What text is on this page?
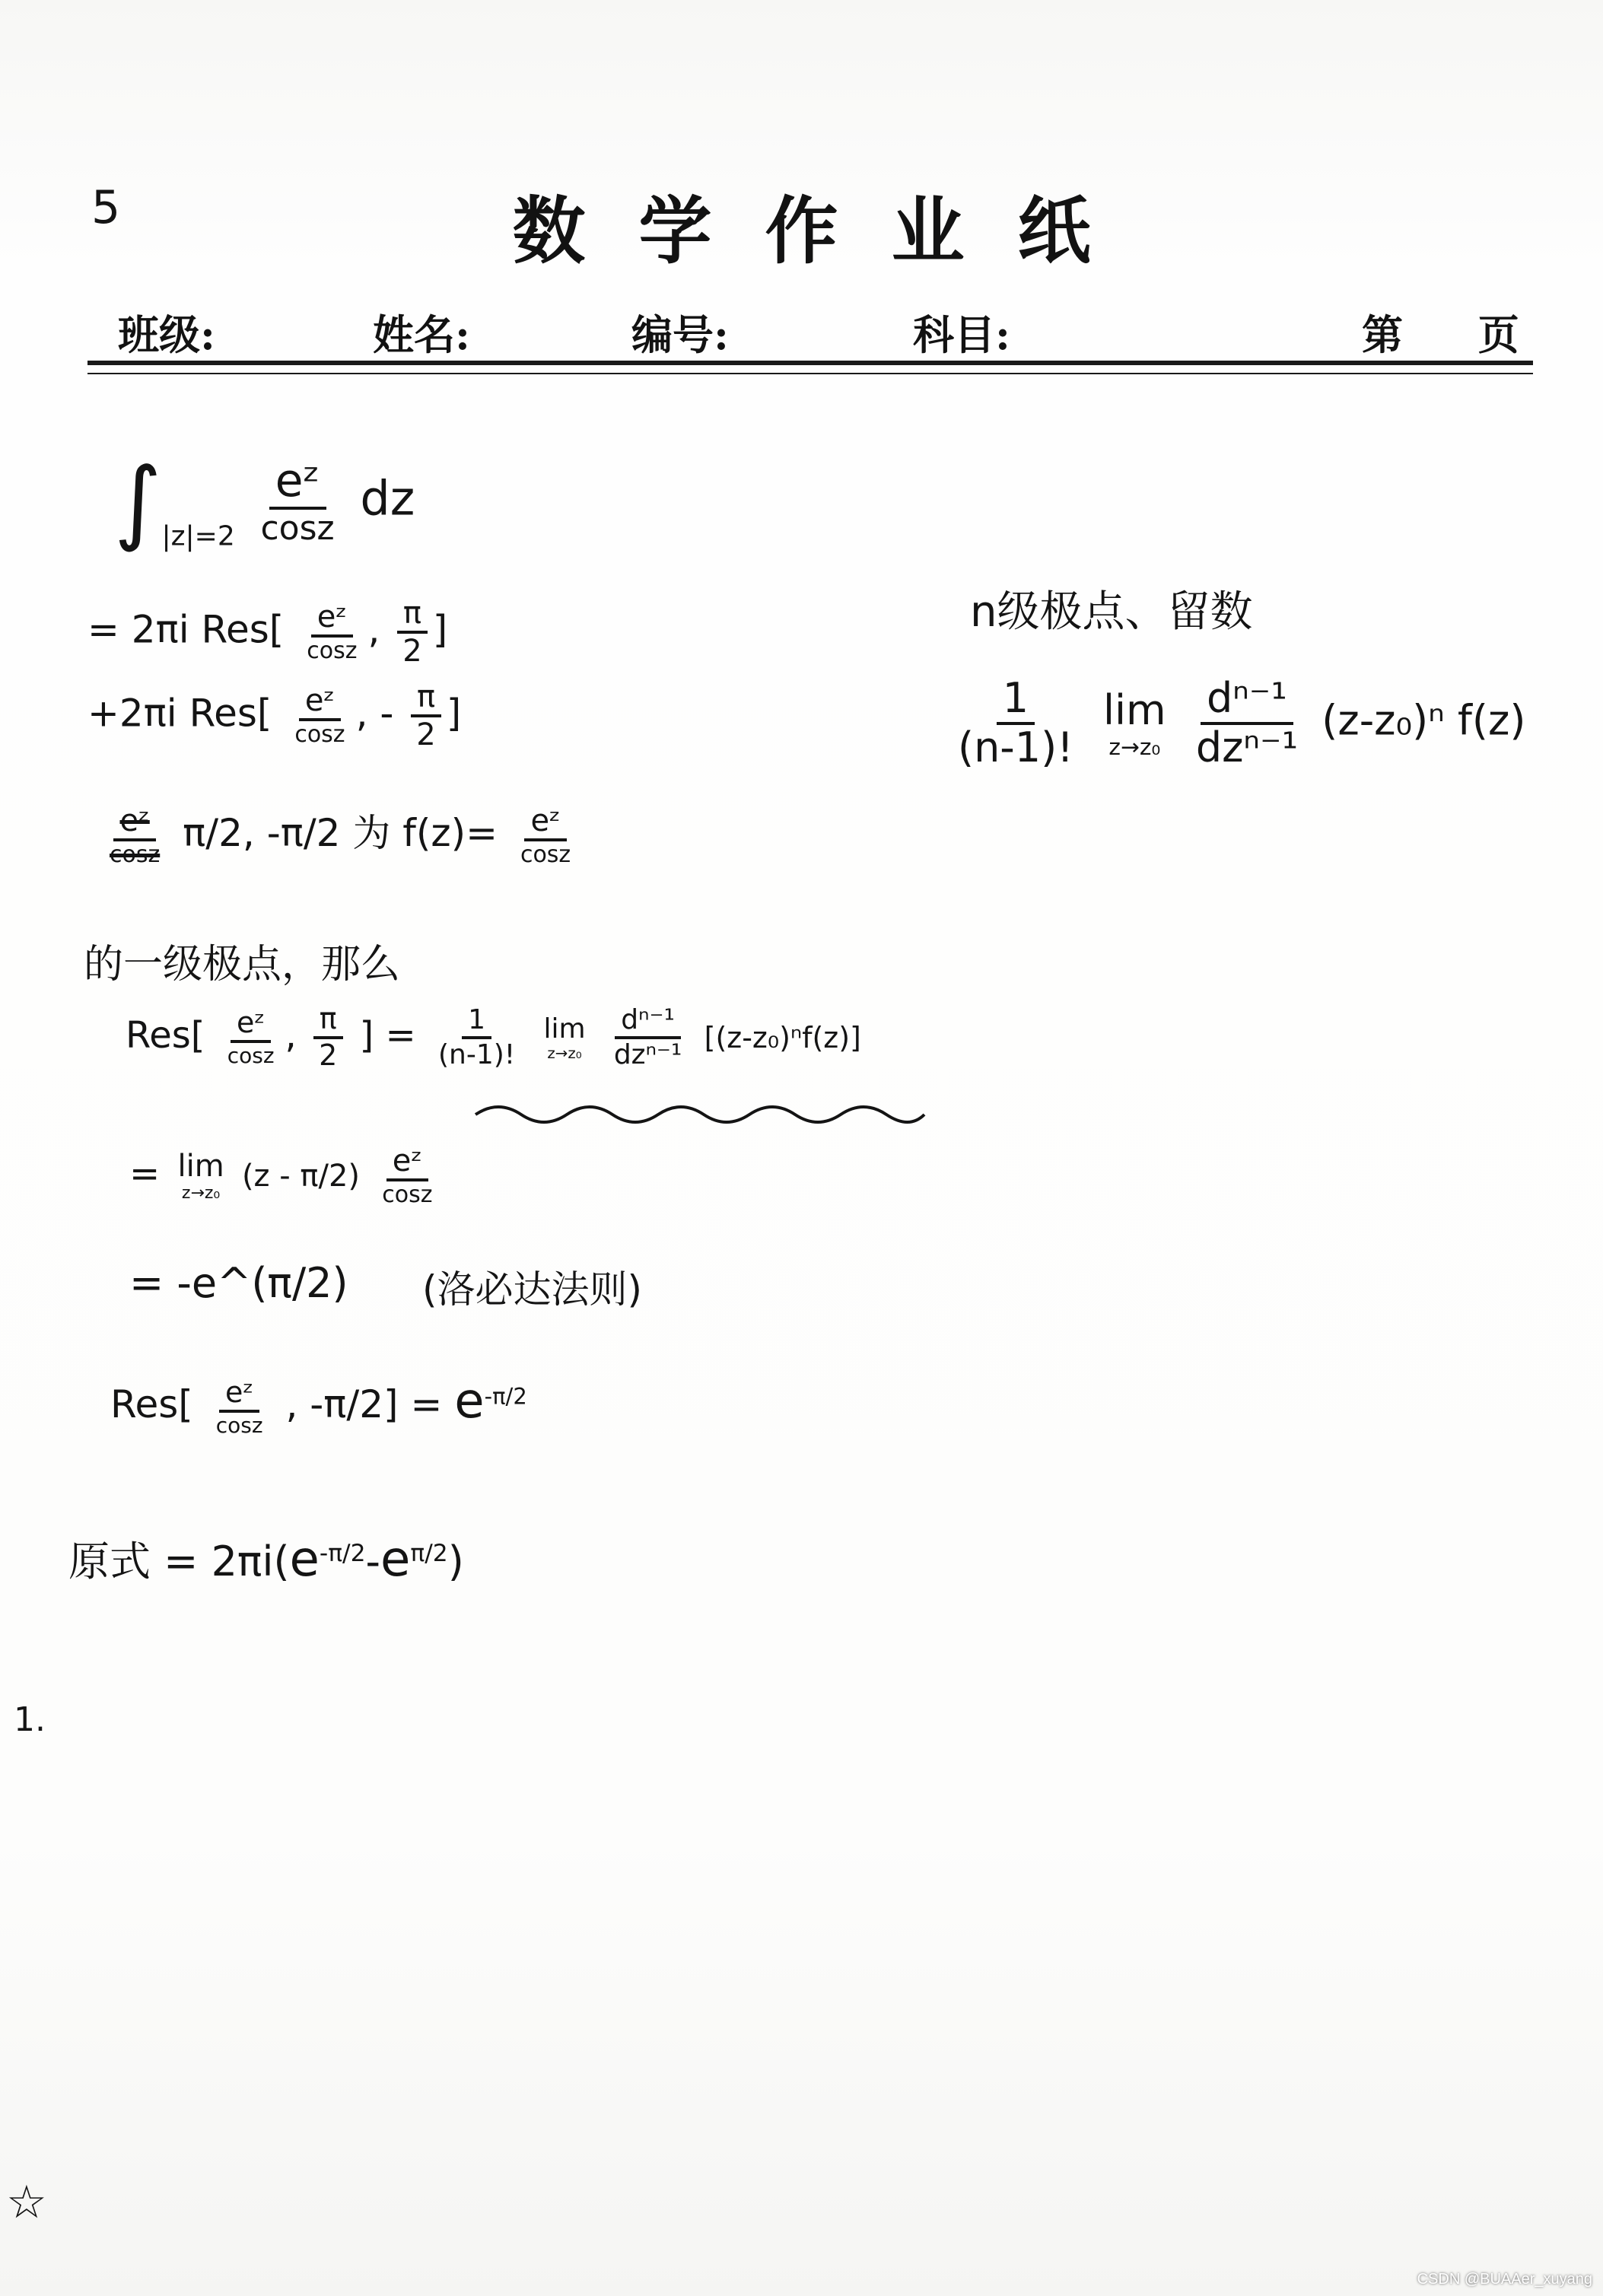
5	数学作业纸
班级:	姓名:	编号:	科目:	第 页
$\int_{|z|=2} \frac{\text{eᶻ}}{\cos z}$ dz
= 2πi $Res[ \frac{\text{eᶻ}}{\cos z}$ , $\frac{\pi}{2}$ ]
+2πi $Res[ \frac{\text{eᶻ}}{\cos z}$ , - $\frac{\pi}{2}$ ]
n级极点、留数
$\frac{1}{(n-1)!}$
lim
z→z₀
$\frac{\text{dⁿ⁻¹}}{\text{dzⁿ⁻¹}} (z-z_0)^n$ f(z)
$\frac{\text{eᶻ}}{\cos z} \pi/2$, -π/2 为 $f(z)= \frac{\text{eᶻ}}{\cos z}$
的一级极点，那么
$Res[ \frac{\text{eᶻ}}{\cos z}$ , $\frac{\pi}{2}$ ] = $\frac{1}{(n-1)!}$
lim
z→z₀
$\frac{\text{dⁿ⁻¹}}{\text{dzⁿ⁻¹}} [(z-z_0)^nf(z)]$
= lim
z→z₀ $(z - \pi/2) \frac{\text{eᶻ}}{\cos z}$
= -e^(π/2) (洛必达法则)
$Res[ \frac{\text{eᶻ}}{\cos z}$ , $-\pi/2] = e^{-\pi/2}$
原式 = $2\pi i(e^{-\pi/2}-e^{\pi/2})$
1.
☆
CSDN @BUAAer_xuyang
